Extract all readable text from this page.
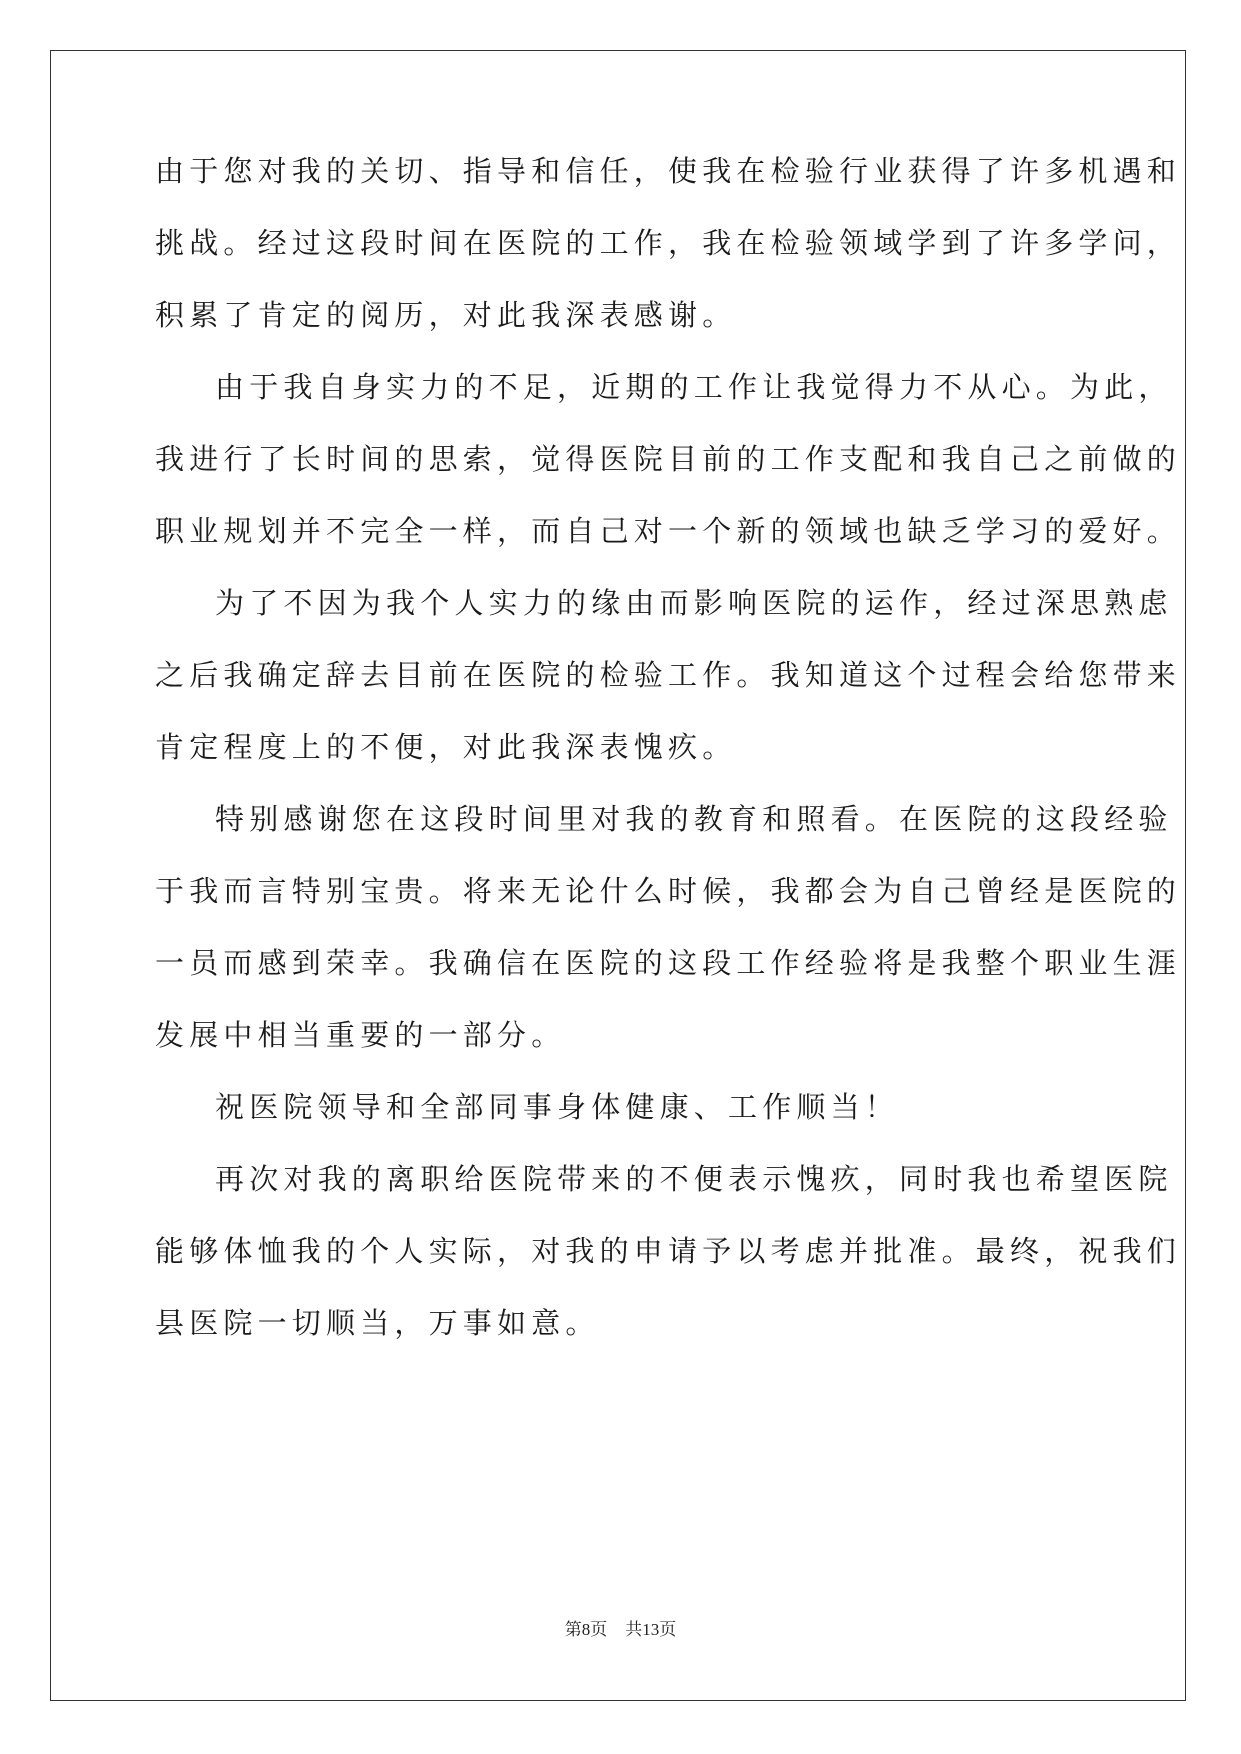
由于您对我的关切、指导和信任，使我在检验行业获得了许多机遇和
挑战。经过这段时间在医院的工作，我在检验领域学到了许多学问，
积累了肯定的阅历，对此我深表感谢。
由于我自身实力的不足，近期的工作让我觉得力不从心。为此，
我进行了长时间的思索，觉得医院目前的工作支配和我自己之前做的
职业规划并不完全一样，而自己对一个新的领域也缺乏学习的爱好。
为了不因为我个人实力的缘由而影响医院的运作，经过深思熟虑
之后我确定辞去目前在医院的检验工作。我知道这个过程会给您带来
肯定程度上的不便，对此我深表愧疚。
特别感谢您在这段时间里对我的教育和照看。在医院的这段经验
于我而言特别宝贵。将来无论什么时候，我都会为自己曾经是医院的
一员而感到荣幸。我确信在医院的这段工作经验将是我整个职业生涯
发展中相当重要的一部分。
祝医院领导和全部同事身体健康、工作顺当！
再次对我的离职给医院带来的不便表示愧疚，同时我也希望医院
能够体恤我的个人实际，对我的申请予以考虑并批准。最终，祝我们
县医院一切顺当，万事如意。
第8页 共13页
